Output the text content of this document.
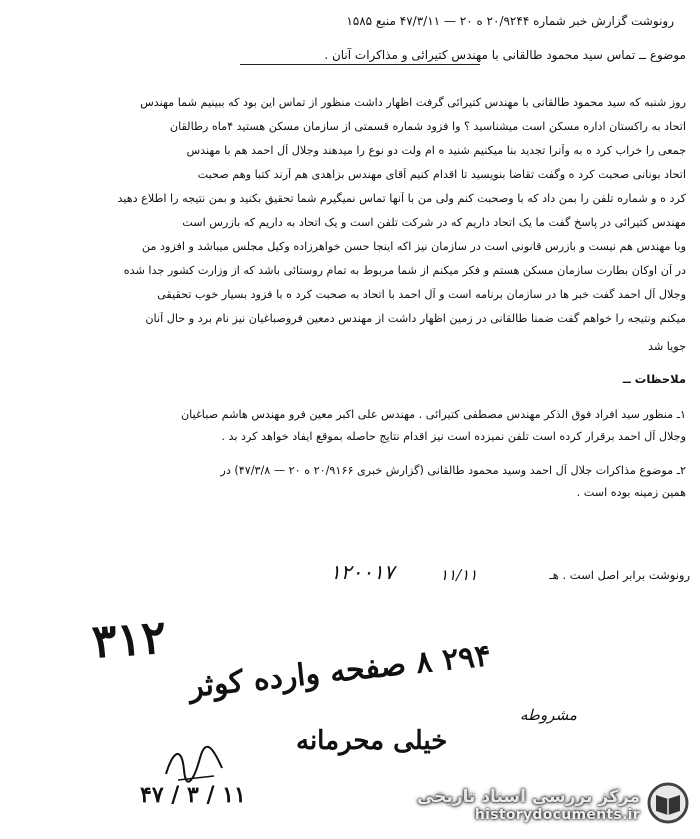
رونوشت گزارش خبر شماره ۲۰/۹۲۴۴ ه ۲۰ — ۴۷/۳/۱۱ منبع ۱۵۸۵
موضوع ــ تماس سید محمود طالقانی با مهندس کتیرائی و مذاکرات آنان .
روز شنبه که سید محمود طالقانی با مهندس کتیرائی گرفت اظهار داشت منظور از تماس این بود که ببینیم شما مهندس
اتحاد به راکستان اداره مسکن است میشناسید ؟ وا فزود شماره قسمتی از سازمان مسکن هستید ۴ماه رطالقان
جمعی را خراب کرد ه به وآنرا تجدید بنا میکنیم شنید ه ام ولت دو نوع را میدهند وجلال آل احمد هم با مهندس
اتحاد بونانی صحبت کرد ه وگفت تقاضا بنویسید تا اقدام کنیم آقای مهندس بزاهدی هم آرند کتبا وهم صحبت
کرد ه و شماره تلفن را بمن داد که با وصحبت کنم ولی من با آنها تماس نمیگیرم شما تحقیق بکنید و بمن نتیجه را اطلاع دهید
مهندس کتیرائی در پاسخ گفت ما یک اتحاد داریم که در شرکت تلفن است و یک اتحاد به داریم که بازرس است
وبا مهندس هم نیست و بازرس قانونی است در سازمان نیز اکه اینجا حسن خواهرزاده وکیل مجلس میباشد و افزود من
در آن اوکان بطارت سازمان مسکن هستم و فکر میکنم از شما مربوط به تمام روستائی باشد که از وزارت کشور جدا شده
وجلال آل احمد گفت خبر ها در سازمان برنامه است و آل احمد با اتحاد به صحبت کرد ه با فزود بسیار خوب تحقیقی
میکنم ونتیجه را خواهم گفت ضمنا طالقانی در زمین اظهار داشت از مهندس دمعین فروصباغیان نیز نام برد و حال آنان
جویا شد
ملاحظات ــ
۱ـ منظور سید افراد فوق الذکر مهندس مصطفی کتیرائی . مهندس علی اکبر معین فرو مهندس هاشم صباغیان
وجلال آل احمد برقرار کرده است تلفن نمیزده است نیز اقدام نتایج حاصله بموقع ایفاد خواهد کرد بد .
۲ـ موضوع مذاکرات جلال آل احمد وسید محمود طالقانی (گزارش خبری ۲۰/۹۱۶۶ ه ۲۰ — ۴۷/۳/۸) در
همین زمینه بوده است .
رونوشت برابر اصل است . هـ
۱۲۰۰۱۷	۱۱/۱۱
۳۱۲
۲۹۴ ۸ صفحه وارده کوثر
مشروطه
خیلی محرمانه
۴۷ / ۳ / ۱۱	مرکز بررسی اسناد تاریخی
historydocuments.ir
